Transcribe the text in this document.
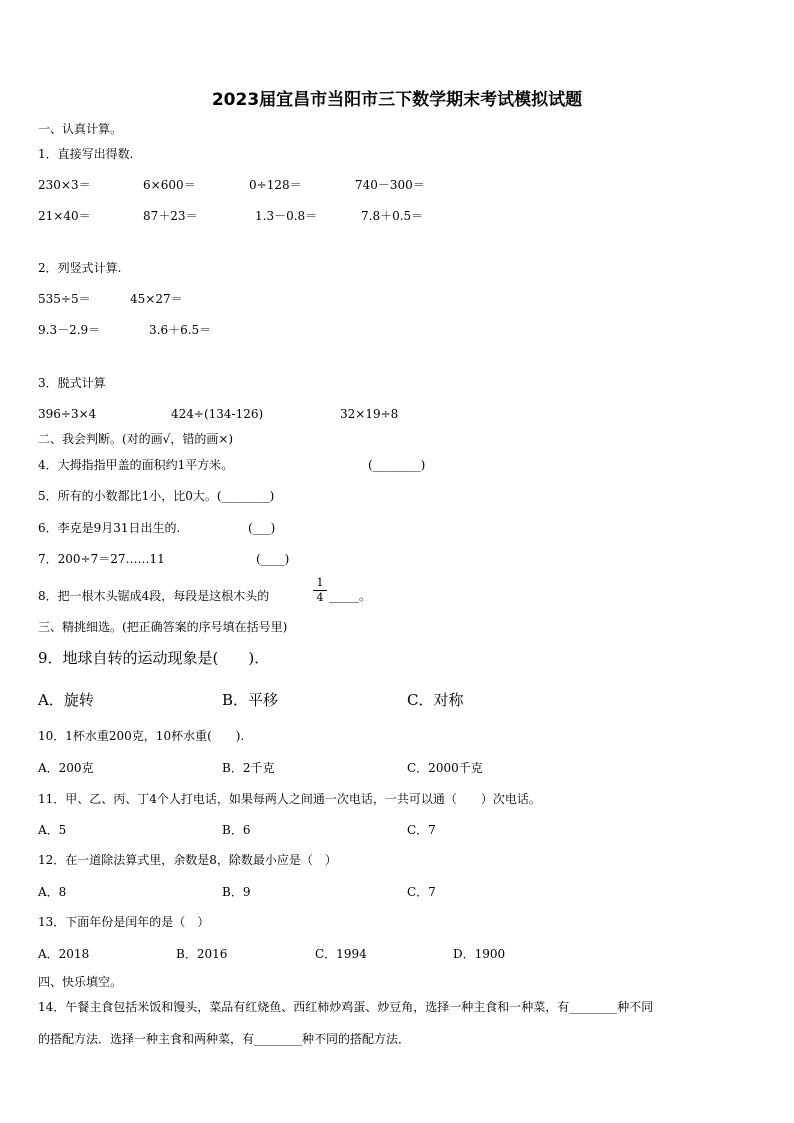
2023届宜昌市当阳市三下数学期末考试模拟试题
一、认真计算。
1．直接写出得数.
230×3＝	6×600＝	0÷128＝	740－300＝
21×40＝	87＋23＝	1.3－0.8＝	7.8＋0.5＝
2．列竖式计算.
535÷5＝	45×27＝
9.3－2.9＝	3.6＋6.5＝
3．脱式计算
396÷3×4	424÷(134-126)	32×19÷8
二、我会判断。(对的画√，错的画×)
4．大拇指指甲盖的面积约1平方米。	(________)
5．所有的小数都比1小，比0大。(________)
6．李克是9月31日出生的.	(___)
7．200÷7＝27……11	(____)
8．把一根木头锯成4段，每段是这根木头的
1
4 _____。
三、精挑细选。(把正确答案的序号填在括号里)
9．地球自转的运动现象是(　　)．
A．旋转	B．平移	C．对称
10．1杯水重200克，10杯水重(　　).
A．200克	B．2千克	C．2000千克
11．甲、乙、丙、丁4个人打电话，如果每两人之间通一次电话，一共可以通（　　）次电话。
A．5	B．6	C．7
12．在一道除法算式里，余数是8，除数最小应是（　）
A．8	B．9	C．7
13．下面年份是闰年的是（　）
A．2018	B．2016	C．1994	D．1900
四、快乐填空。
14．午餐主食包括米饭和馒头，菜品有红烧鱼、西红柿炒鸡蛋、炒豆角，选择一种主食和一种菜，有________种不同
的搭配方法．选择一种主食和两种菜，有________种不同的搭配方法．
